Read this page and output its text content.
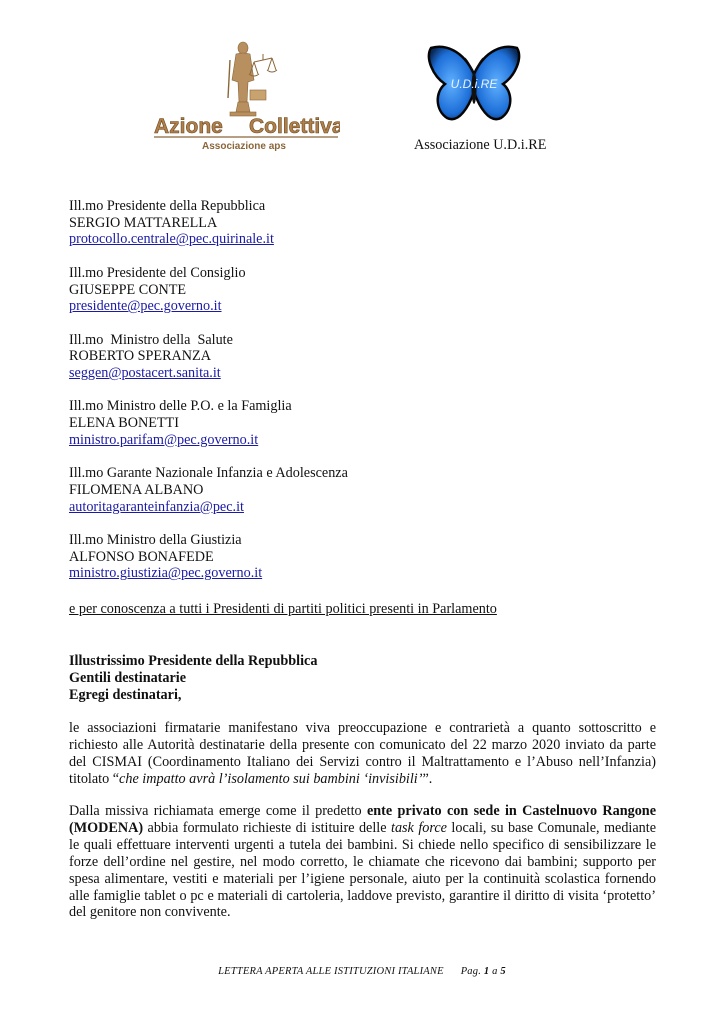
Azione Collettiva
Associazione aps
U.D.i.RE
Associazione U.D.i.RE
Ill.mo Presidente della Repubblica
SERGIO MATTARELLA
protocollo.centrale@pec.quirinale.it
Ill.mo Presidente del Consiglio
GIUSEPPE CONTE
presidente@pec.governo.it
Ill.mo  Ministro della  Salute
ROBERTO SPERANZA
seggen@postacert.sanita.it
Ill.mo Ministro delle P.O. e la Famiglia
ELENA BONETTI
ministro.parifam@pec.governo.it
Ill.mo Garante Nazionale Infanzia e Adolescenza
FILOMENA ALBANO
autoritagaranteinfanzia@pec.it
Ill.mo Ministro della Giustizia
ALFONSO BONAFEDE
ministro.giustizia@pec.governo.it
e per conoscenza a tutti i Presidenti di partiti politici presenti in Parlamento
Illustrissimo Presidente della Repubblica
Gentili destinatarie
Egregi destinatari,
le associazioni firmatarie manifestano viva preoccupazione e contrarietà a quanto sottoscritto e richiesto alle Autorità destinatarie della presente con comunicato del 22 marzo 2020 inviato da parte del CISMAI (Coordinamento Italiano dei Servizi contro il Maltrattamento e l’Abuso nell’Infanzia) titolato “che impatto avrà l’isolamento sui bambini ‘invisibili’”.
Dalla missiva richiamata emerge come il predetto ente privato con sede in Castelnuovo Rangone (MODENA) abbia formulato richieste di istituire delle task force locali, su base Comunale, mediante le quali effettuare interventi urgenti a tutela dei bambini. Si chiede nello specifico di sensibilizzare le forze dell’ordine nel gestire, nel modo corretto, le chiamate che ricevono dai bambini; supporto per spesa alimentare, vestiti e materiali per l’igiene personale, aiuto per la continuità scolastica fornendo alle famiglie tablet o pc e materiali di cartoleria, laddove previsto, garantire il diritto di visita ‘protetto’ del genitore non convivente.
LETTERA APERTA ALLE ISTITUZIONI ITALIANE Pag. 1 a 5
